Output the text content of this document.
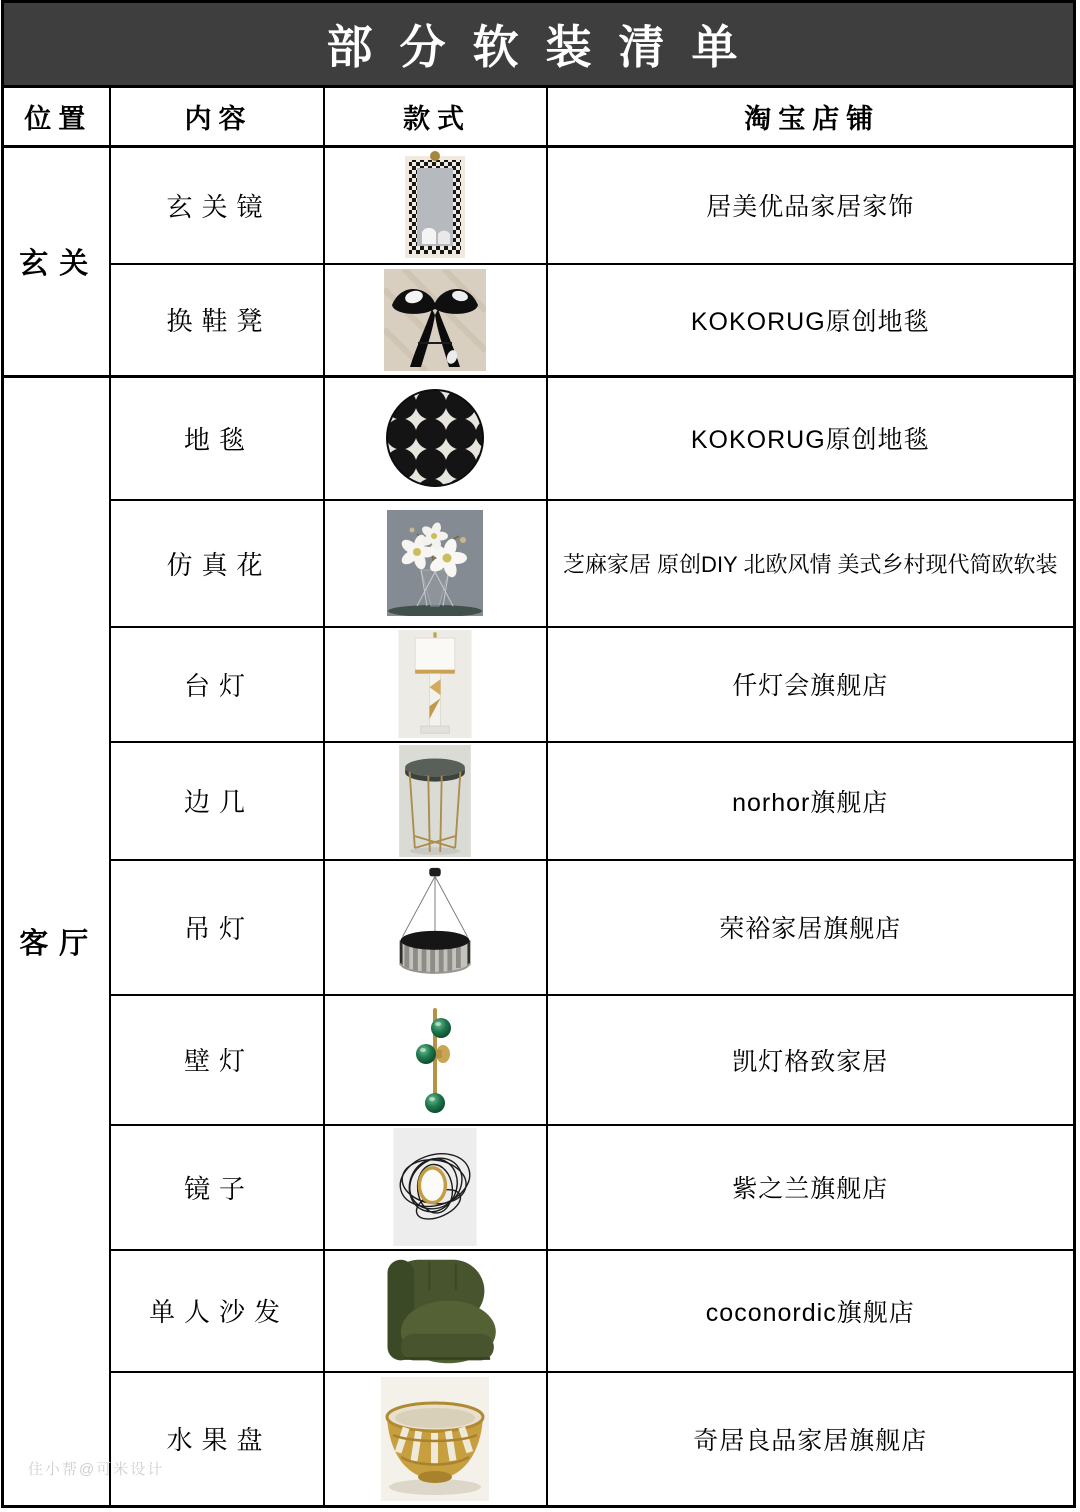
部分软装清单			
位置	内容	款式	淘宝店铺
玄关	玄关镜		居美优品家居家饰
	换鞋凳		KOKORUG原创地毯
客厅	地毯		KOKORUG原创地毯
	仿真花		芝麻家居 原创DIY 北欧风情 美式乡村现代简欧软装
	台灯		仟灯会旗舰店
	边几		norhor旗舰店
	吊灯		荣裕家居旗舰店
	壁灯		凯灯格致家居
	镜子		紫之兰旗舰店
	单人沙发		coconordic旗舰店
	水果盘		奇居良品家居旗舰店
住小帮@可米设计
